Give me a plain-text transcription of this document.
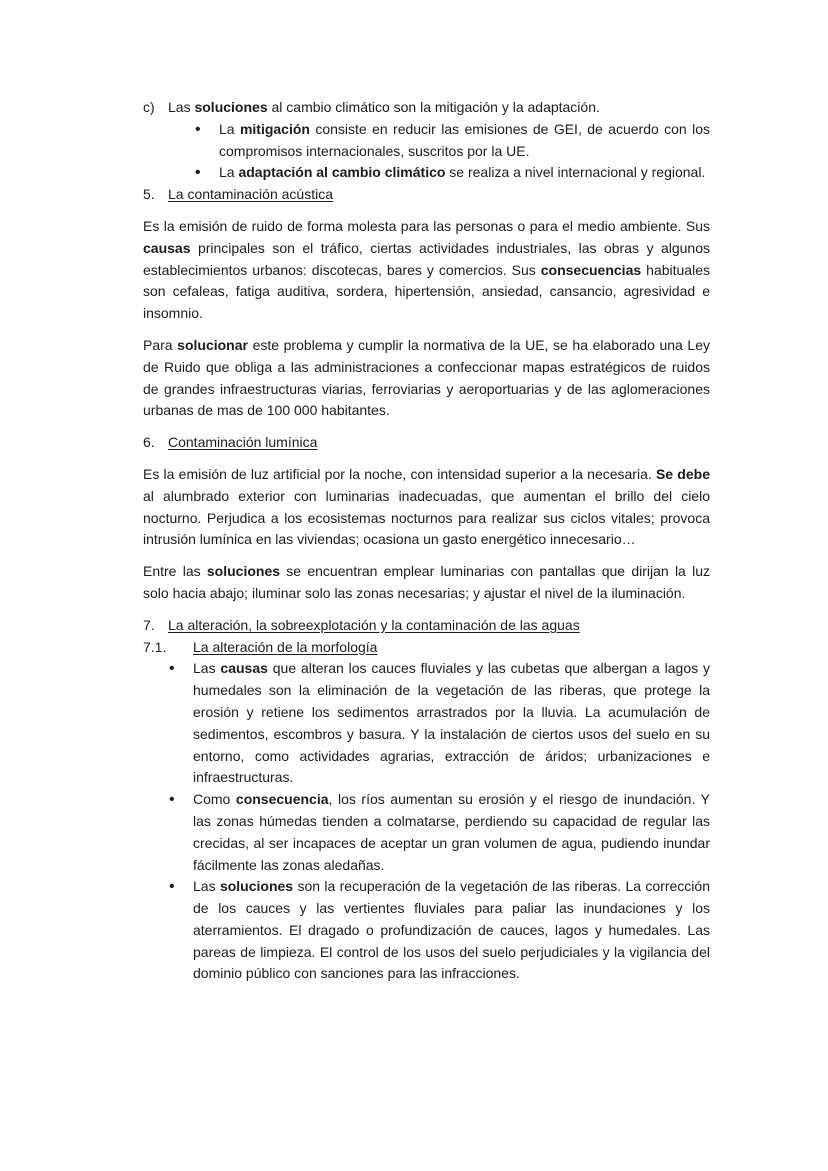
c) Las soluciones al cambio climático son la mitigación y la adaptación.
• La mitigación consiste en reducir las emisiones de GEI, de acuerdo con los compromisos internacionales, suscritos por la UE.
• La adaptación al cambio climático se realiza a nivel internacional y regional.
5. La contaminación acústica

Es la emisión de ruido de forma molesta para las personas o para el medio ambiente. Sus causas principales son el tráfico, ciertas actividades industriales, las obras y algunos establecimientos urbanos: discotecas, bares y comercios. Sus consecuencias habituales son cefaleas, fatiga auditiva, sordera, hipertensión, ansiedad, cansancio, agresividad e insomnio.

Para solucionar este problema y cumplir la normativa de la UE, se ha elaborado una Ley de Ruido que obliga a las administraciones a confeccionar mapas estratégicos de ruidos de grandes infraestructuras viarias, ferroviarias y aeroportuarias y de las aglomeraciones urbanas de mas de 100 000 habitantes.

6. Contaminación lumínica

Es la emisión de luz artificial por la noche, con intensidad superior a la necesaria. Se debe al alumbrado exterior con luminarias inadecuadas, que aumentan el brillo del cielo nocturno. Perjudica a los ecosistemas nocturnos para realizar sus ciclos vitales; provoca intrusión lumínica en las viviendas; ocasiona un gasto energético innecesario…

Entre las soluciones se encuentran emplear luminarias con pantallas que dirijan la luz solo hacia abajo; iluminar solo las zonas necesarias; y ajustar el nivel de la iluminación.

7. La alteración, la sobreexplotación y la contaminación de las aguas
7.1.	La alteración de la morfología
• Las causas que alteran los cauces fluviales y las cubetas que albergan a lagos y humedales son la eliminación de la vegetación de las riberas, que protege la erosión y retiene los sedimentos arrastrados por la lluvia. La acumulación de sedimentos, escombros y basura. Y la instalación de ciertos usos del suelo en su entorno, como actividades agrarias, extracción de áridos; urbanizaciones e infraestructuras.
• Como consecuencia, los ríos aumentan su erosión y el riesgo de inundación. Y las zonas húmedas tienden a colmatarse, perdiendo su capacidad de regular las crecidas, al ser incapaces de aceptar un gran volumen de agua, pudiendo inundar fácilmente las zonas aledañas.
• Las soluciones son la recuperación de la vegetación de las riberas. La corrección de los cauces y las vertientes fluviales para paliar las inundaciones y los aterramientos. El dragado o profundización de cauces, lagos y humedales. Las pareas de limpieza. El control de los usos del suelo perjudiciales y la vigilancia del dominio público con sanciones para las infracciones.
